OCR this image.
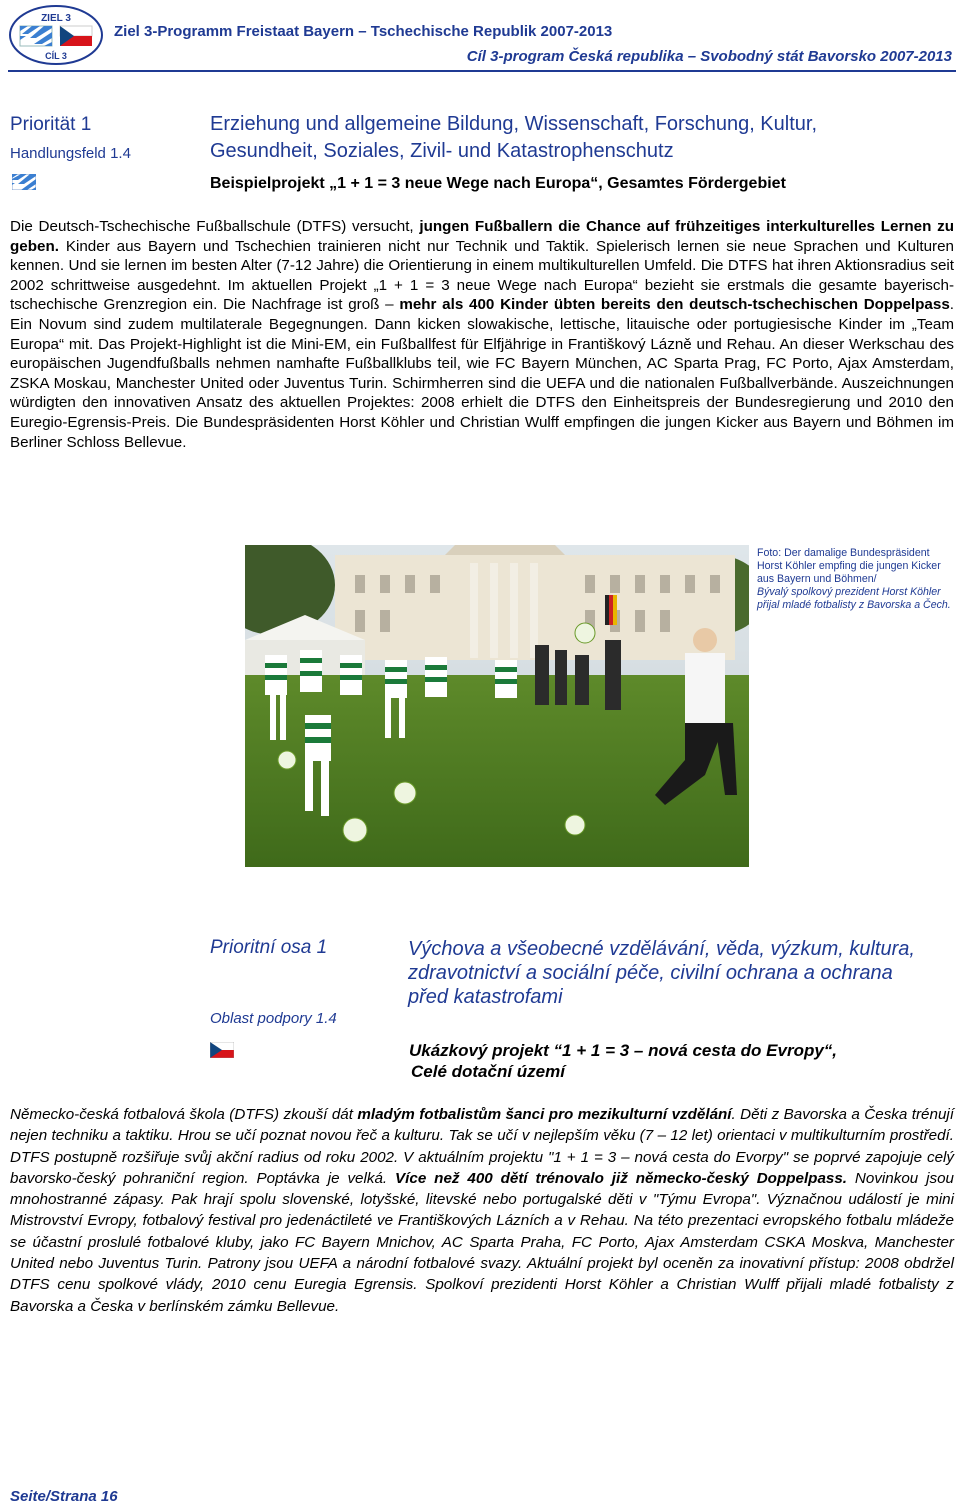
ZIEL 3
CÍL 3
Ziel 3-Programm Freistaat Bayern – Tschechische Republik 2007-2013
Cíl 3-program Česká republika – Svobodný stát Bavorsko 2007-2013
Priorität 1
Handlungsfeld 1.4
Erziehung und allgemeine Bildung, Wissenschaft, Forschung, Kultur,
Gesundheit, Soziales, Zivil- und Katastrophenschutz
Beispielprojekt „1 + 1 = 3 neue Wege nach Europa“, Gesamtes Fördergebiet
Die Deutsch-Tschechische Fußballschule (DTFS) versucht, jungen Fußballern die Chance auf frühzeitiges interkulturelles Lernen zu geben. Kinder aus Bayern und Tschechien trainieren nicht nur Technik und Taktik. Spielerisch lernen sie neue Sprachen und Kulturen kennen. Und sie lernen im besten Alter (7-12 Jahre) die Orientierung in einem multikulturellen Umfeld. Die DTFS hat ihren Aktionsradius seit 2002 schrittweise ausgedehnt. Im aktuellen Projekt „1 + 1 = 3 neue Wege nach Europa“ bezieht sie erstmals die gesamte bayerisch-tschechische Grenzregion ein. Die Nachfrage ist groß – mehr als 400 Kinder übten bereits den deutsch-tschechischen Doppelpass. Ein Novum sind zudem multilaterale Begegnungen. Dann kicken slowakische, lettische, litauische oder portugiesische Kinder im „Team Europa“ mit. Das Projekt-Highlight ist die Mini-EM, ein Fußballfest für Elfjährige in Františkový Lázně und Rehau. An dieser Werkschau des europäischen Jugendfußballs nehmen namhafte Fußballklubs teil, wie FC Bayern München, AC Sparta Prag, FC Porto, Ajax Amsterdam, ZSKA Moskau, Manchester United oder Juventus Turin. Schirmherren sind die UEFA und die nationalen Fußballverbände. Auszeichnungen würdigten den innovativen Ansatz des aktuellen Projektes: 2008 erhielt die DTFS den Einheitspreis der Bundesregierung und 2010 den Euregio-Egrensis-Preis. Die Bundespräsidenten Horst Köhler und Christian Wulff empfingen die jungen Kicker aus Bayern und Böhmen im Berliner Schloss Bellevue.
Foto: Der damalige Bundespräsident Horst Köhler empfing die jungen Kicker aus Bayern und Böhmen/
Bývalý spolkový prezident Horst Köhler přijal mladé fotbalisty z Bavorska a Čech.
Prioritní osa 1
Oblast podpory 1.4
Výchova a všeobecné vzdělávání, věda, výzkum, kultura,
zdravotnictví a sociální péče, civilní ochrana a ochrana
před katastrofami
Ukázkový projekt “1 + 1 = 3 – nová cesta do Evropy“,
Celé dotační území
Německo-česká fotbalová škola (DTFS) zkouší dát mladým fotbalistům šanci pro mezikulturní vzdělání. Děti z Bavorska a Česka trénují nejen techniku a taktiku. Hrou se učí poznat novou řeč a kulturu. Tak se učí v nejlepším věku (7 – 12 let) orientaci v multikulturním prostředí. DTFS postupně rozšiřuje svůj akční radius od roku 2002. V aktuálním projektu "1 + 1 = 3 – nová cesta do Evorpy" se poprvé zapojuje celý bavorsko-český pohraniční region. Poptávka je velká. Více než 400 dětí trénovalo již německo-český Doppelpass. Novinkou jsou mnohostranné zápasy. Pak hrají spolu slovenské, lotyšské, litevské nebo portugalské děti v "Týmu Evropa". Význačnou událostí je mini Mistrovství Evropy, fotbalový festival pro jedenáctileté ve Františkových Lázních a v Rehau. Na této prezentaci evropského fotbalu mládeže se účastní proslulé fotbalové kluby, jako FC Bayern Mnichov, AC Sparta Praha, FC Porto, Ajax Amsterdam CSKA Moskva, Manchester United nebo Juventus Turin. Patrony jsou UEFA a národní fotbalové svazy. Aktuální projekt byl oceněn za inovativní přístup: 2008 obdržel DTFS cenu spolkové vlády, 2010 cenu Euregia Egrensis. Spolkoví prezidenti Horst Köhler a Christian Wulff přijali mladé fotbalisty z Bavorska a Česka v berlínském zámku Bellevue.
Seite/Strana 16
